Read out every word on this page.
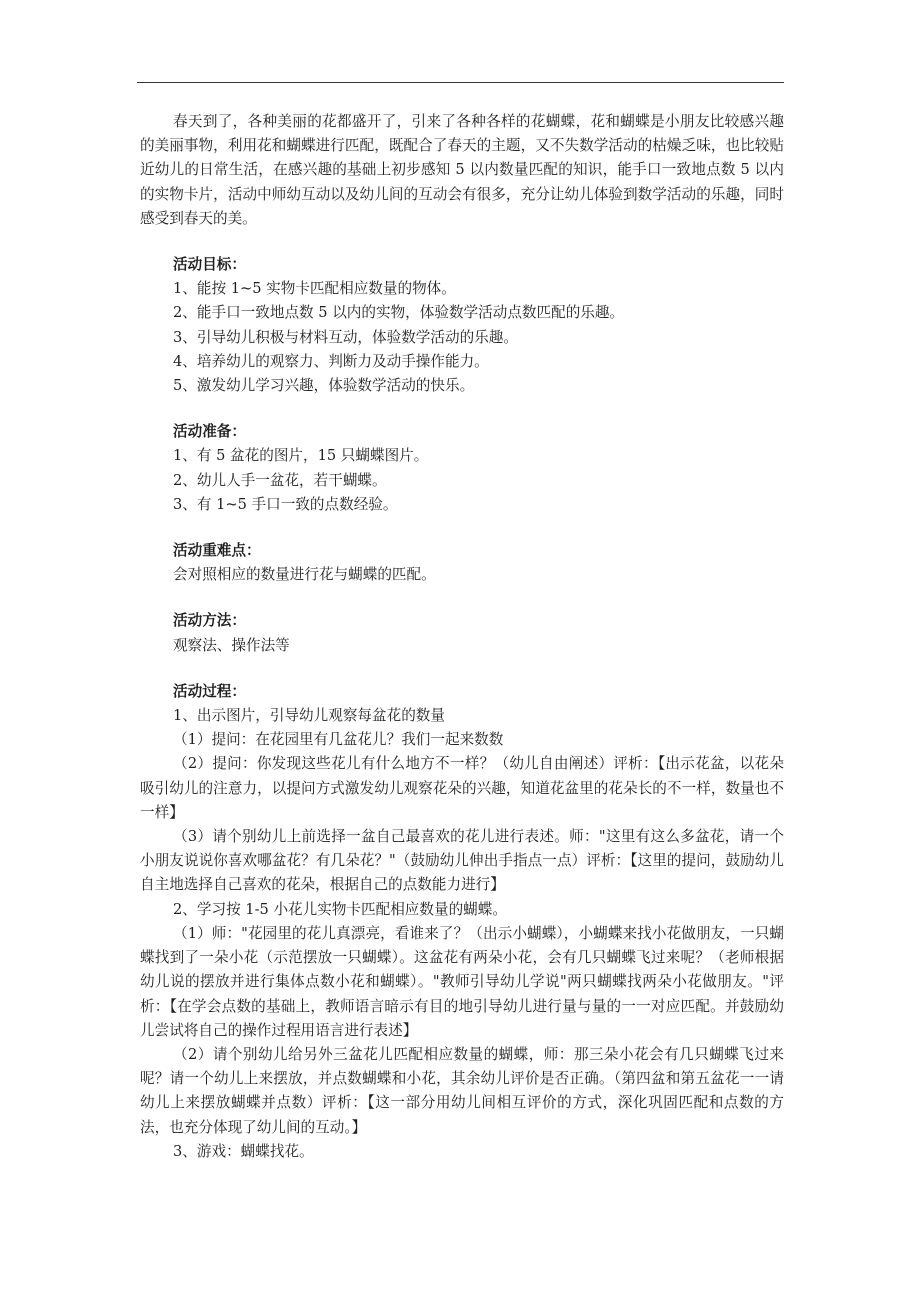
春天到了，各种美丽的花都盛开了，引来了各种各样的花蝴蝶，花和蝴蝶是小朋友比较感兴趣的美丽事物，利用花和蝴蝶进行匹配，既配合了春天的主题，又不失数学活动的枯燥乏味，也比较贴近幼儿的日常生活，在感兴趣的基础上初步感知 5 以内数量匹配的知识，能手口一致地点数 5 以内的实物卡片，活动中师幼互动以及幼儿间的互动会有很多，充分让幼儿体验到数学活动的乐趣，同时感受到春天的美。

活动目标：
1、能按 1~5 实物卡匹配相应数量的物体。
2、能手口一致地点数 5 以内的实物，体验数学活动点数匹配的乐趣。
3、引导幼儿积极与材料互动，体验数学活动的乐趣。
4、培养幼儿的观察力、判断力及动手操作能力。
5、激发幼儿学习兴趣，体验数学活动的快乐。
活动准备：
1、有 5 盆花的图片，15 只蝴蝶图片。
2、幼儿人手一盆花，若干蝴蝶。
3、有 1~5 手口一致的点数经验。
活动重难点：
会对照相应的数量进行花与蝴蝶的匹配。
活动方法：
观察法、操作法等
活动过程：
1、出示图片，引导幼儿观察每盆花的数量

（1）提问：在花园里有几盆花儿？我们一起来数数

（2）提问：你发现这些花儿有什么地方不一样？（幼儿自由阐述）评析：【出示花盆，以花朵吸引幼儿的注意力，以提问方式激发幼儿观察花朵的兴趣，知道花盆里的花朵长的不一样，数量也不一样】

（3）请个别幼儿上前选择一盆自己最喜欢的花儿进行表述。师："这里有这么多盆花，请一个小朋友说说你喜欢哪盆花？有几朵花？"（鼓励幼儿伸出手指点一点）评析：【这里的提问，鼓励幼儿自主地选择自己喜欢的花朵，根据自己的点数能力进行】

2、学习按 1-5 小花儿实物卡匹配相应数量的蝴蝶。

（1）师："花园里的花儿真漂亮，看谁来了？（出示小蝴蝶），小蝴蝶来找小花做朋友，一只蝴蝶找到了一朵小花（示范摆放一只蝴蝶）。这盆花有两朵小花，会有几只蝴蝶飞过来呢？（老师根据幼儿说的摆放并进行集体点数小花和蝴蝶）。"教师引导幼儿学说"两只蝴蝶找两朵小花做朋友。"评析：【在学会点数的基础上，教师语言暗示有目的地引导幼儿进行量与量的一一对应匹配。并鼓励幼儿尝试将自己的操作过程用语言进行表述】

（2）请个别幼儿给另外三盆花儿匹配相应数量的蝴蝶，师：那三朵小花会有几只蝴蝶飞过来呢？请一个幼儿上来摆放，并点数蝴蝶和小花，其余幼儿评价是否正确。（第四盆和第五盆花一一请幼儿上来摆放蝴蝶并点数）评析：【这一部分用幼儿间相互评价的方式，深化巩固匹配和点数的方法，也充分体现了幼儿间的互动。】

3、游戏：蝴蝶找花。
